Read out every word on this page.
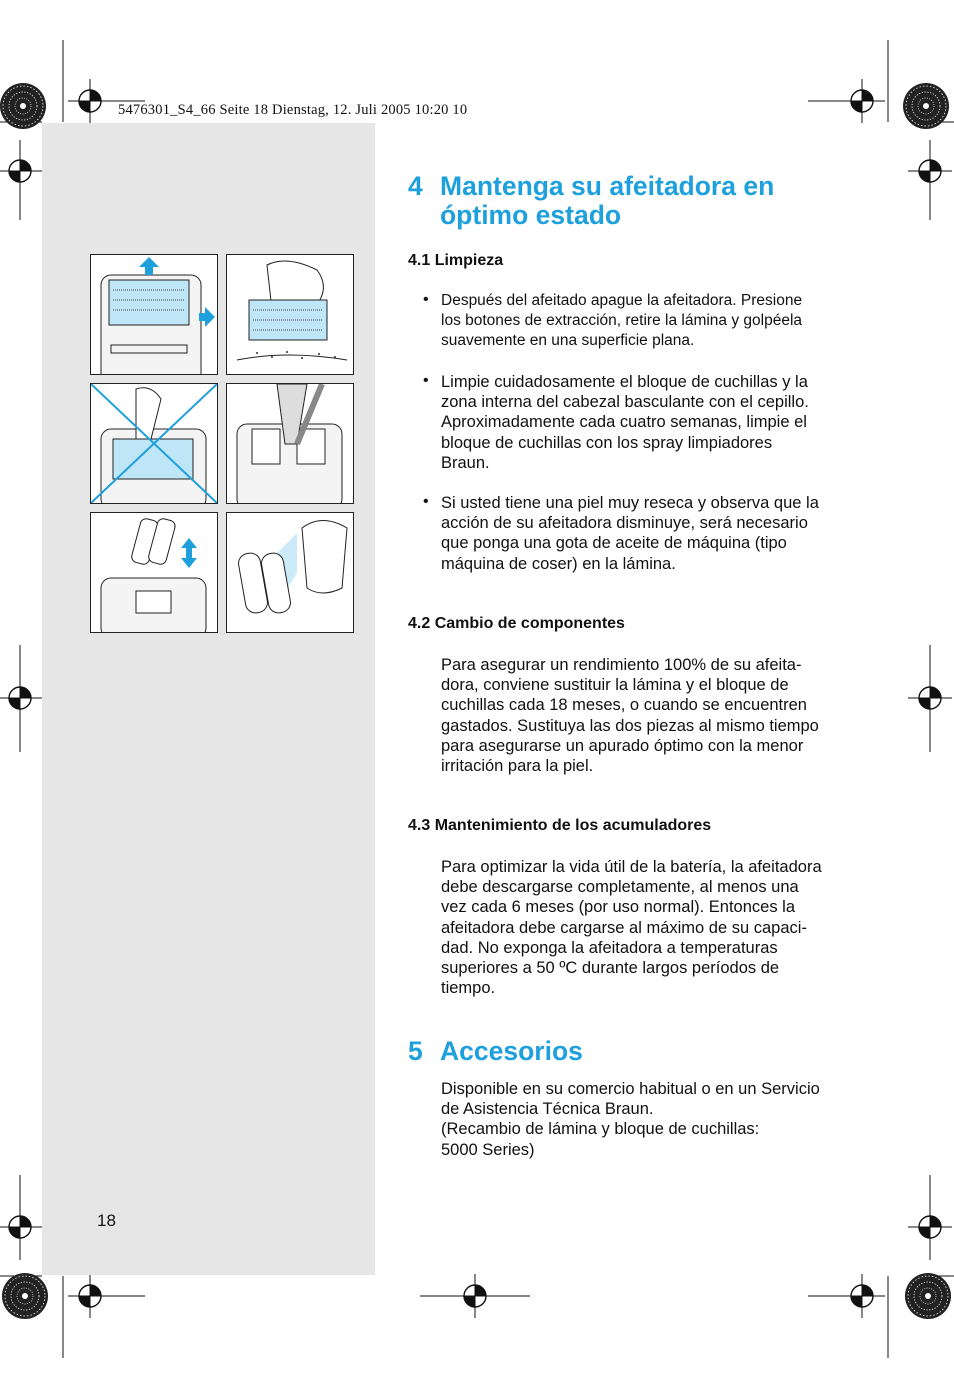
5476301_S4_66 Seite 18 Dienstag, 12. Juli 2005 10:20 10
4 Mantenga su afeitadora en
óptimo estado
4.1 Limpieza
• Después del afeitado apague la afeitadora. Presione
los botones de extracción, retire la lámina y golpéela
suavemente en una superficie plana.
• Limpie cuidadosamente el bloque de cuchillas y la
zona interna del cabezal basculante con el cepillo.
Aproximadamente cada cuatro semanas, limpie el
bloque de cuchillas con los spray limpiadores
Braun.
• Si usted tiene una piel muy reseca y observa que la
acción de su afeitadora disminuye, será necesario
que ponga una gota de aceite de máquina (tipo
máquina de coser) en la lámina.
4.2 Cambio de componentes
Para asegurar un rendimiento 100% de su afeita-
dora, conviene sustituir la lámina y el bloque de
cuchillas cada 18 meses, o cuando se encuentren
gastados. Sustituya las dos piezas al mismo tiempo
para asegurarse un apurado óptimo con la menor
irritación para la piel.
4.3 Mantenimiento de los acumuladores
Para optimizar la vida útil de la batería, la afeitadora
debe descargarse completamente, al menos una
vez cada 6 meses (por uso normal). Entonces la
afeitadora debe cargarse al máximo de su capaci-
dad. No exponga la afeitadora a temperaturas
superiores a 50 ºC durante largos períodos de
tiempo.
5 Accesorios
Disponible en su comercio habitual o en un Servicio
de Asistencia Técnica Braun.
(Recambio de lámina y bloque de cuchillas:
5000 Series)
18
